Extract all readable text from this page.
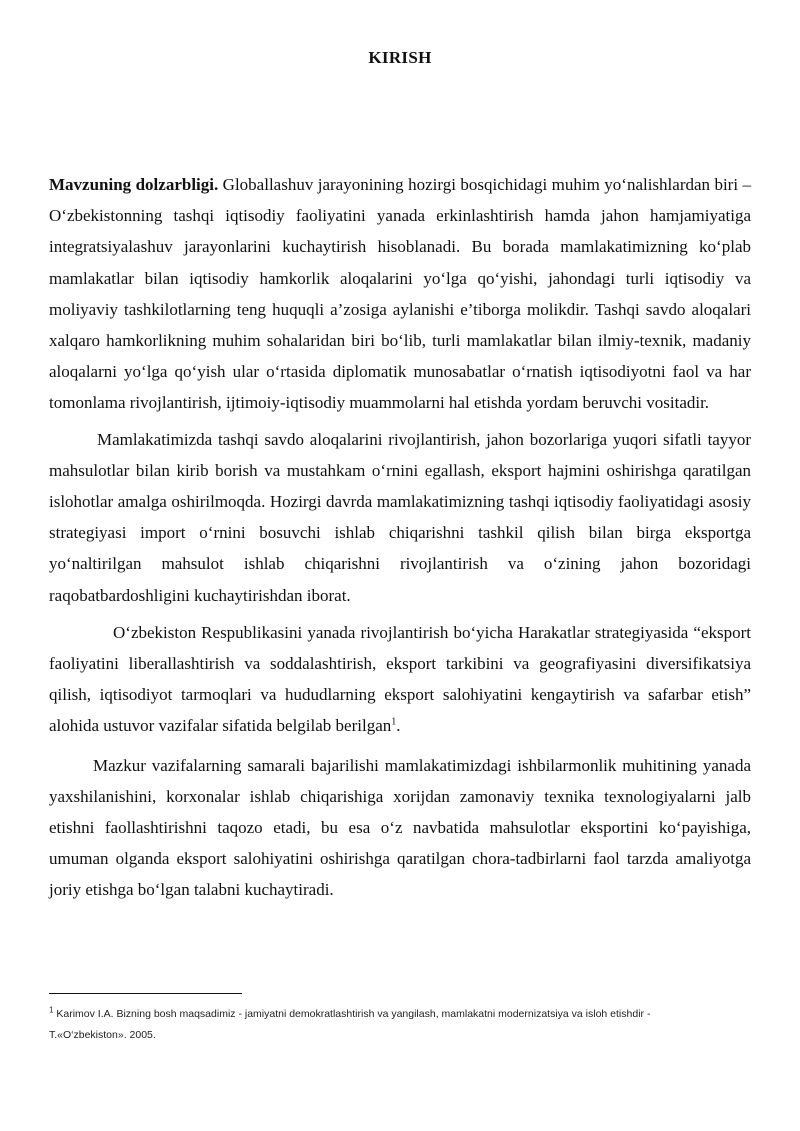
KIRISH

Mavzuning dolzarbligi. Globallashuv jarayonining hozirgi bosqichidagi muhim yo‘nalishlardan biri – O‘zbekistonning tashqi iqtisodiy faoliyatini yanada erkinlashtirish hamda jahon hamjamiyatiga integratsiyalashuv jarayonlarini kuchaytirish hisoblanadi. Bu borada mamlakatimizning ko‘plab mamlakatlar bilan iqtisodiy hamkorlik aloqalarini yo‘lga qo‘yishi, jahondagi turli iqtisodiy va moliyaviy tashkilotlarning teng huquqli a’zosiga aylanishi e’tiborga molikdir. Tashqi savdo aloqalari xalqaro hamkorlikning muhim sohalaridan biri bo‘lib, turli mamlakatlar bilan ilmiy-texnik, madaniy aloqalarni yo‘lga qo‘yish ular o‘rtasida diplomatik munosabatlar o‘rnatish iqtisodiyotni faol va har tomonlama rivojlantirish, ijtimoiy-iqtisodiy muammolarni hal etishda yordam beruvchi vositadir.

Mamlakatimizda tashqi savdo aloqalarini rivojlantirish, jahon bozorlariga yuqori sifatli tayyor mahsulotlar bilan kirib borish va mustahkam o‘rnini egallash, eksport hajmini oshirishga qaratilgan islohotlar amalga oshirilmoqda. Hozirgi davrda mamlakatimizning tashqi iqtisodiy faoliyatidagi asosiy strategiyasi import o‘rnini bosuvchi ishlab chiqarishni tashkil qilish bilan birga eksportga yo‘naltirilgan mahsulot ishlab chiqarishni rivojlantirish va o‘zining jahon bozoridagi raqobatbardoshligini kuchaytirishdan iborat.

O‘zbekiston Respublikasini yanada rivojlantirish bo‘yicha Harakatlar strategiyasida “eksport faoliyatini liberallashtirish va soddalashtirish, eksport tarkibini va geografiyasini diversifikatsiya qilish, iqtisodiyot tarmoqlari va hududlarning eksport salohiyatini kengaytirish va safarbar etish” alohida ustuvor vazifalar sifatida belgilab berilgan$^1$.

Mazkur vazifalarning samarali bajarilishi mamlakatimizdagi ishbilarmonlik muhitining yanada yaxshilanishini, korxonalar ishlab chiqarishiga xorijdan zamonaviy texnika texnologiyalarni jalb etishni faollashtirishni taqozo etadi, bu esa o‘z navbatida mahsulotlar eksportini ko‘payishiga, umuman olganda eksport salohiyatini oshirishga qaratilgan chora-tadbirlarni faol tarzda amaliyotga joriy etishga bo‘lgan talabni kuchaytiradi.

$^1$ Karimov I.A. Bizning bosh maqsadimiz - jamiyatni demokratlashtirish va yangilash, mamlakatni modernizatsiya va isloh etishdir -T.«O‘zbekiston». 2005.
